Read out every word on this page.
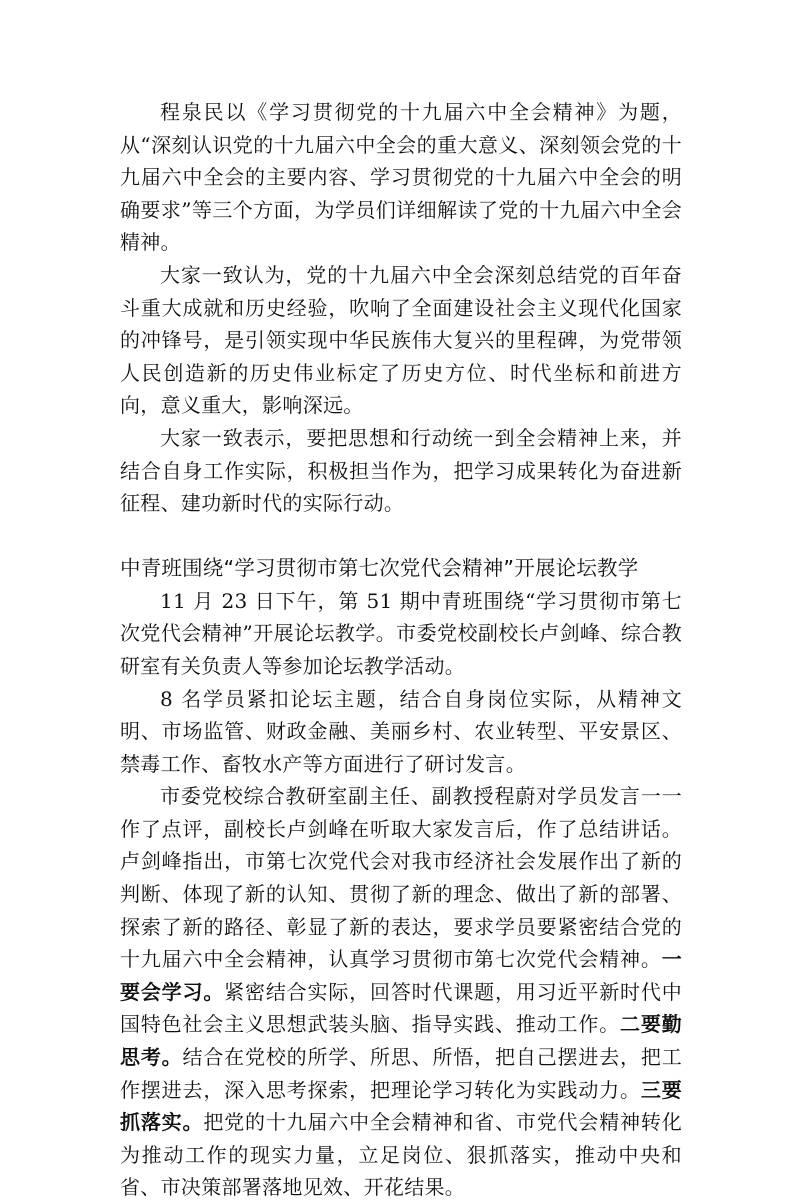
程泉民以《学习贯彻党的十九届六中全会精神》为题，从“深刻认识党的十九届六中全会的重大意义、深刻领会党的十九届六中全会的主要内容、学习贯彻党的十九届六中全会的明确要求”等三个方面，为学员们详细解读了党的十九届六中全会精神。

大家一致认为，党的十九届六中全会深刻总结党的百年奋斗重大成就和历史经验，吹响了全面建设社会主义现代化国家的冲锋号，是引领实现中华民族伟大复兴的里程碑，为党带领人民创造新的历史伟业标定了历史方位、时代坐标和前进方向，意义重大，影响深远。

大家一致表示，要把思想和行动统一到全会精神上来，并结合自身工作实际，积极担当作为，把学习成果转化为奋进新征程、建功新时代的实际行动。

中青班围绕“学习贯彻市第七次党代会精神”开展论坛教学

11 月 23 日下午，第 51 期中青班围绕“学习贯彻市第七次党代会精神”开展论坛教学。市委党校副校长卢剑峰、综合教研室有关负责人等参加论坛教学活动。

8 名学员紧扣论坛主题，结合自身岗位实际，从精神文明、市场监管、财政金融、美丽乡村、农业转型、平安景区、禁毒工作、畜牧水产等方面进行了研讨发言。

市委党校综合教研室副主任、副教授程蔚对学员发言一一作了点评，副校长卢剑峰在听取大家发言后，作了总结讲话。卢剑峰指出，市第七次党代会对我市经济社会发展作出了新的判断、体现了新的认知、贯彻了新的理念、做出了新的部署、探索了新的路径、彰显了新的表达，要求学员要紧密结合党的十九届六中全会精神，认真学习贯彻市第七次党代会精神。一要会学习。紧密结合实际，回答时代课题，用习近平新时代中国特色社会主义思想武装头脑、指导实践、推动工作。二要勤思考。结合在党校的所学、所思、所悟，把自己摆进去，把工作摆进去，深入思考探索，把理论学习转化为实践动力。三要抓落实。把党的十九届六中全会精神和省、市党代会精神转化为推动工作的现实力量，立足岗位、狠抓落实，推动中央和省、市决策部署落地见效、开花结果。
